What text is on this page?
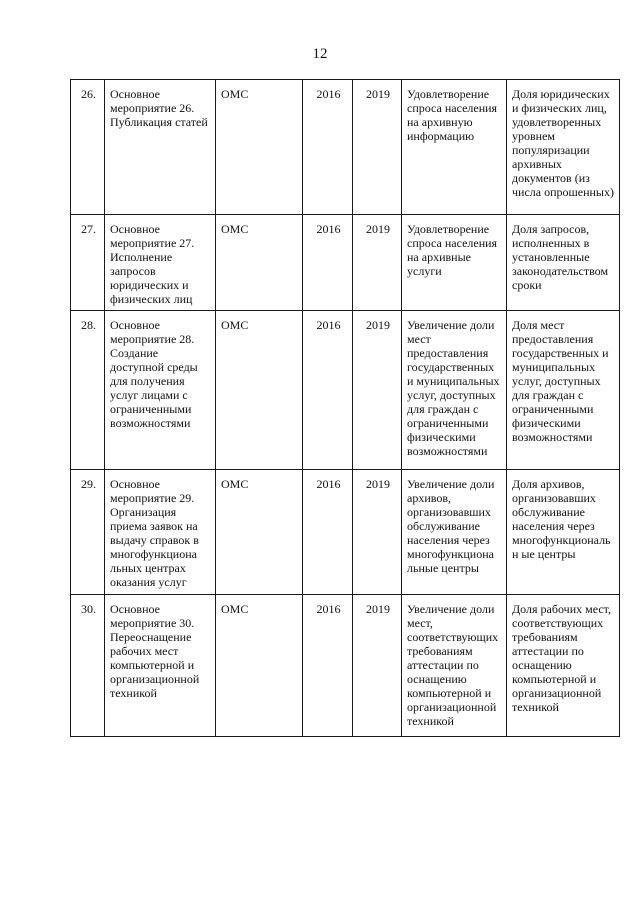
12
26.	Основное мероприятие 26. Публикация статей	ОМС	2016	2019	Удовлетворение спроса населения на архивную информацию	Доля юридических и физических лиц, удовлетворенных уровнем популяризации архивных документов (из числа опрошенных)
27.	Основное мероприятие 27. Исполнение запросов юридических и физических лиц	ОМС	2016	2019	Удовлетворение спроса населения на архивные услуги	Доля запросов, исполненных в установленные законодательством сроки
28.	Основное мероприятие 28. Создание доступной среды для получения услуг лицами с ограниченными возможностями	ОМС	2016	2019	Увеличение доли мест предоставления государственных и муниципальных услуг, доступных для граждан с ограниченными физическими возможностями	Доля мест предоставления государственных и муниципальных услуг, доступных для граждан с ограниченными физическими возможностями
29.	Основное мероприятие 29. Организация приема заявок на выдачу справок в многофункциона льных центрах оказания услуг	ОМС	2016	2019	Увеличение доли архивов, организовавших обслуживание населения через многофункциона льные центры	Доля архивов, организовавших обслуживание населения через многофункциональн ые центры
30.	Основное мероприятие 30. Переоснащение рабочих мест компьютерной и организационной техникой	ОМС	2016	2019	Увеличение доли мест, соответствующих требованиям аттестации по оснащению компьютерной и организационной техникой	Доля рабочих мест, соответствующих требованиям аттестации по оснащению компьютерной и организационной техникой
